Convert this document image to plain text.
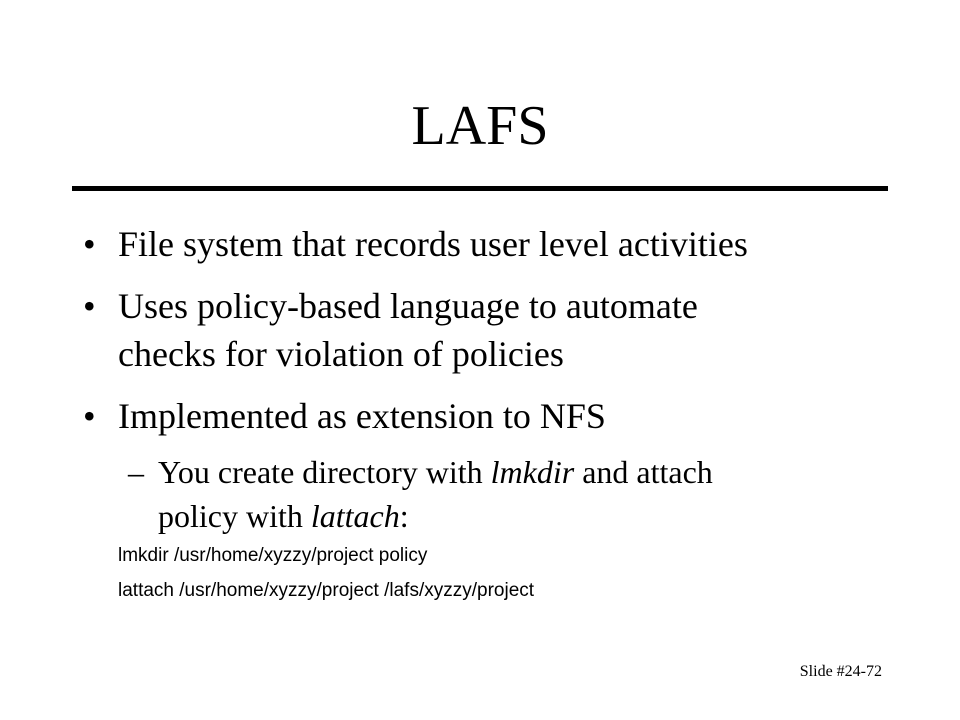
LAFS
• File system that records user level activities
• Uses policy-based language to automate
checks for violation of policies
• Implemented as extension to NFS
– You create directory with lmkdir and attach
policy with lattach:
lmkdir /usr/home/xyzzy/project policy
lattach /usr/home/xyzzy/project /lafs/xyzzy/project
Slide #24-72
